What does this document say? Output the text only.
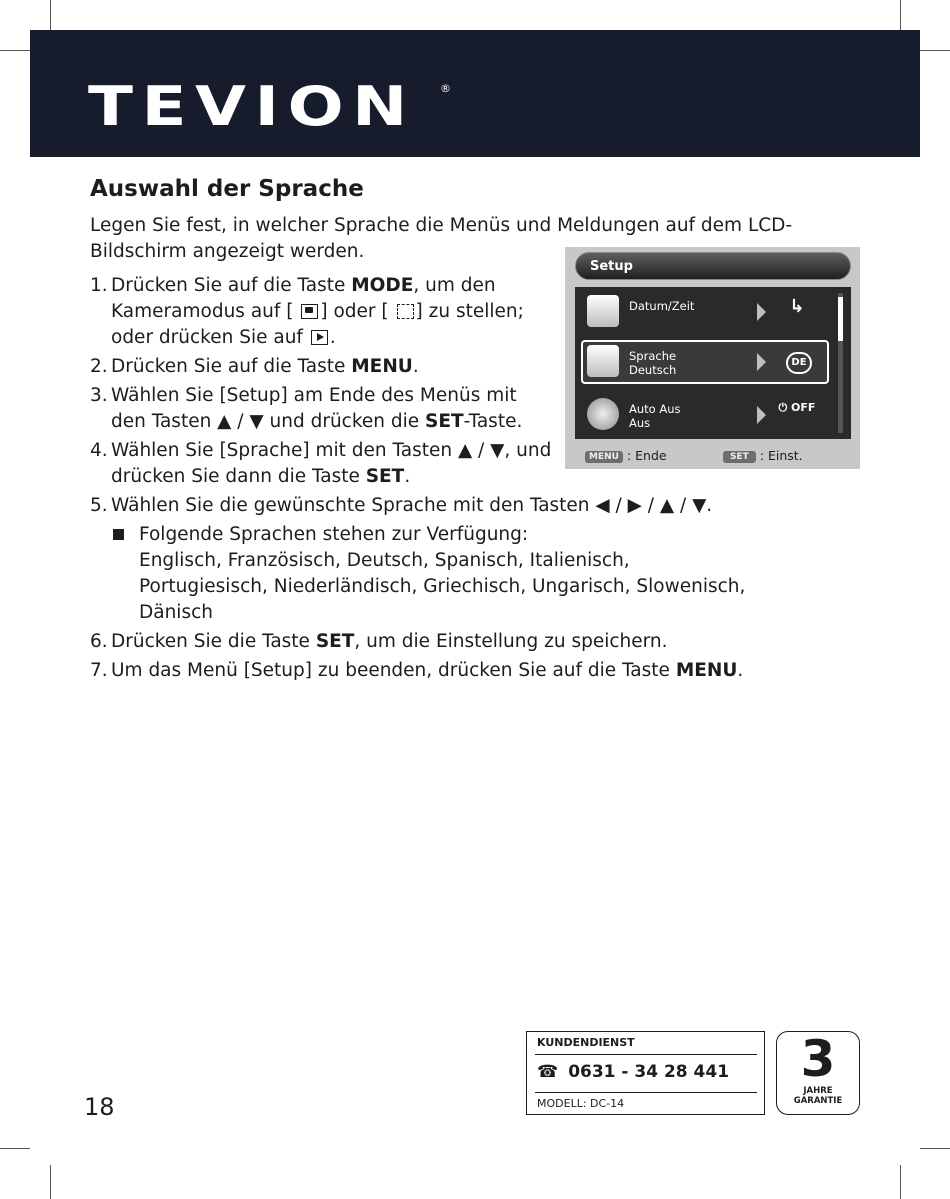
TEVION ®
Auswahl der Sprache

Legen Sie fest, in welcher Sprache die Menüs und Meldungen auf dem LCD-Bildschirm angezeigt werden.

1. Drücken Sie auf die Taste MODE, um den Kameramodus auf [ ] oder [ ] zu stellen; oder drücken Sie auf .
2. Drücken Sie auf die Taste MENU.
3. Wählen Sie [Setup] am Ende des Menüs mit den Tasten ▲ / ▼ und drücken die SET-Taste.
4. Wählen Sie [Sprache] mit den Tasten ▲ / ▼, und drücken Sie dann die Taste SET.
5. Wählen Sie die gewünschte Sprache mit den Tasten ◀ / ▶ / ▲ / ▼.
Folgende Sprachen stehen zur Verfügung:
Englisch, Französisch, Deutsch, Spanisch, Italienisch, Portugiesisch, Niederländisch, Griechisch, Ungarisch, Slowenisch, Dänisch
6. Drücken Sie die Taste SET, um die Einstellung zu speichern.
7. Um das Menü [Setup] zu beenden, drücken Sie auf die Taste MENU.
Setup
Datum/Zeit	↳
Sprache
Deutsch
DE
Auto Aus
Aus
⏻ OFF
MENU : Ende	SET : Einst.
18
KUNDENDIENST
☎ 0631 - 34 28 441
MODELL: DC-14
3
JAHRE
GARANTIE
